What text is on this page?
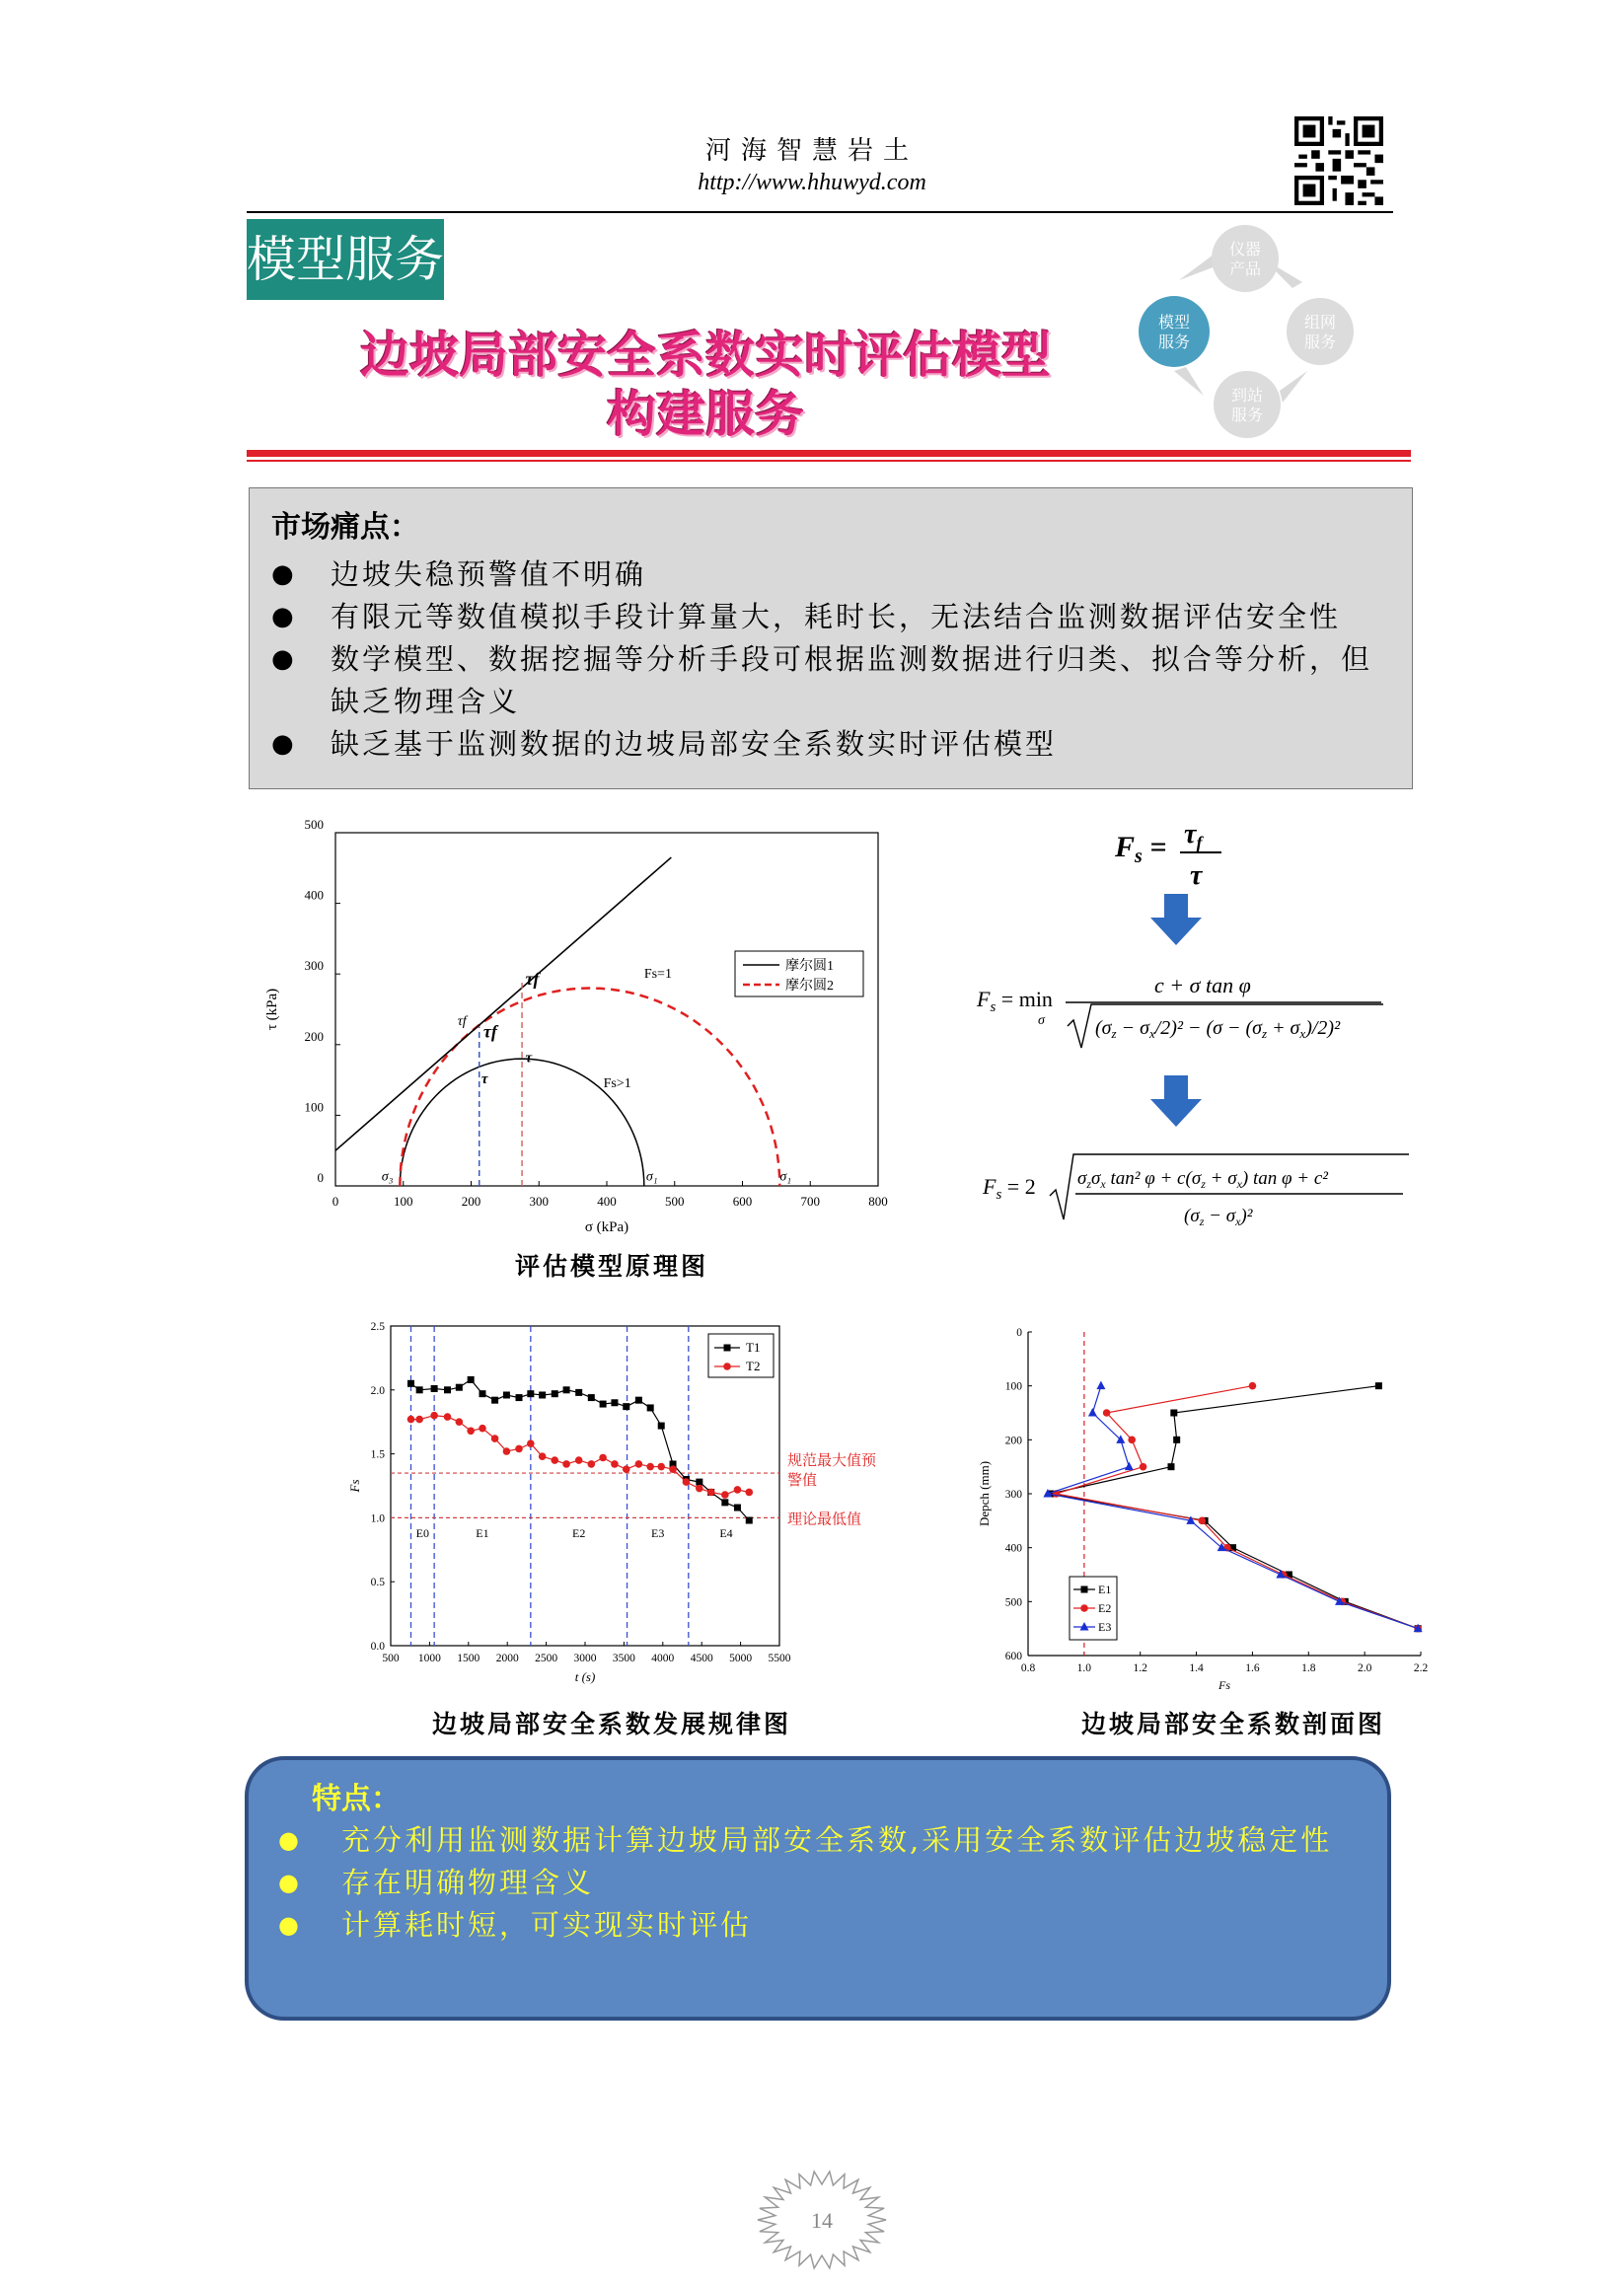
河海智慧岩土
http://www.hhuwyd.com
模型服务
边坡局部安全系数实时评估模型
构建服务
仪器
产品
组网
服务
到站
服务
模型
服务
市场痛点：
● 边坡失稳预警值不明确
● 有限元等数值模拟手段计算量大，耗时长，无法结合监测数据评估安全性
● 数学模型、数据挖掘等分析手段可根据监测数据进行归类、拟合等分析，但缺乏物理含义
● 缺乏基于监测数据的边坡局部安全系数实时评估模型
0	100	200	300	400	500	600	700	800
0
100
200
300
400
500
σ (kPa)
τ (kPa)
σ₃	σ₁	σ₁
Fs=1
Fs>1
τf
τf
τf
τ
τ
摩尔圆1
摩尔圆2
评估模型原理图
$F_s = \tau_f$
τ
$F_s = \min$
σ
c + σ tan φ
$(\sigma_z - \sigma_x/2)^2 - (\sigma - (\sigma_z + \sigma_x)/2)^2$
$F_s = 2$ $\sigma_z\sigma_x$ tan² $\varphi + c(\sigma_z + \sigma_x)$ tan φ + c²
$(\sigma_z - \sigma_x)^2$
500 1000 1500 2000 2500 3000 3500 4000 4500 5000 5500
0.0
0.5
1.0
1.5
2.0
2.5
t (s)
Fs
E0	E1	E2	E3	E4
规范最大值预
警值
理论最低值
T1
T2
边坡局部安全系数发展规律图
0.8	1.0	1.2	1.4	1.6	1.8	2.0	2.2
0
100
200
300
400
500
600
Fs
Depch (mm)
E1
E2
E3
边坡局部安全系数剖面图
特点：
● 充分利用监测数据计算边坡局部安全系数,采用安全系数评估边坡稳定性
● 存在明确物理含义
● 计算耗时短，可实现实时评估
14
